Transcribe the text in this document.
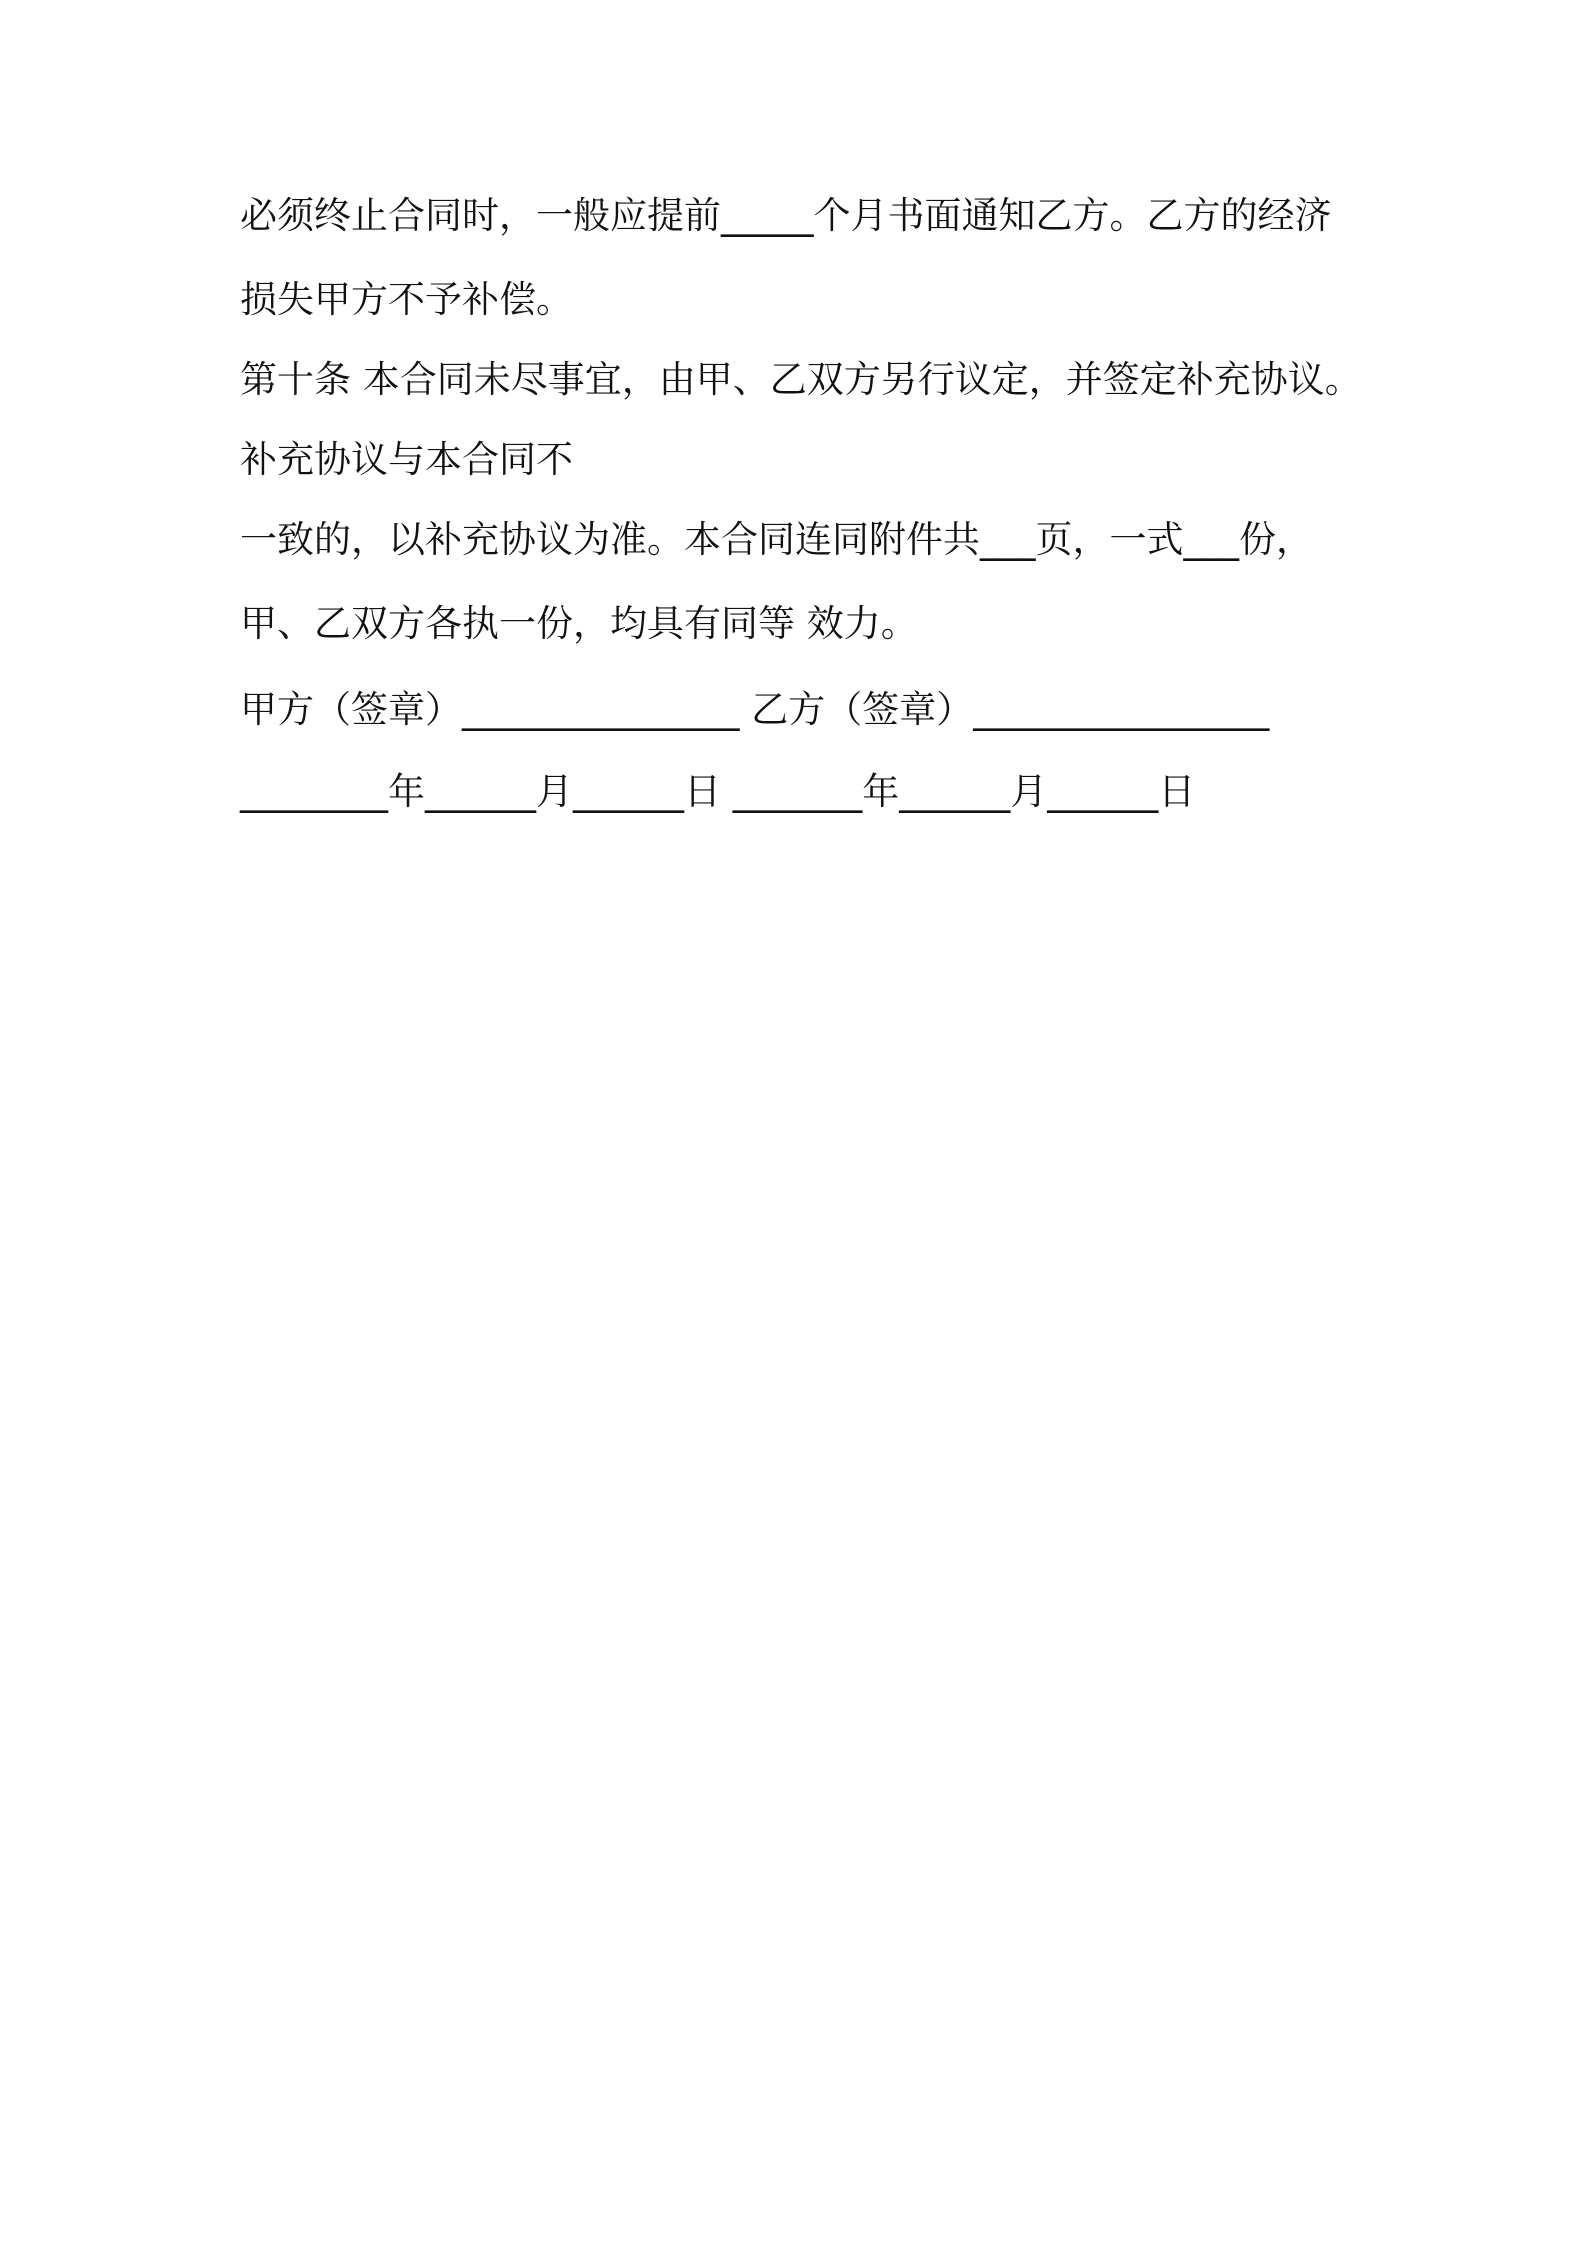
必须终止合同时，一般应提前_____个月书面通知乙方。乙方的经济
损失甲方不予补偿。
第十条 本合同未尽事宜，由甲、乙双方另行议定，并签定补充协议。
补充协议与本合同不
一致的，以补充协议为准。本合同连同附件共___页，一式___份，
甲、乙双方各执一份，均具有同等 效力。
甲方（签章）_______________ 乙方（签章）________________
________年______月______日 _______年______月______日
